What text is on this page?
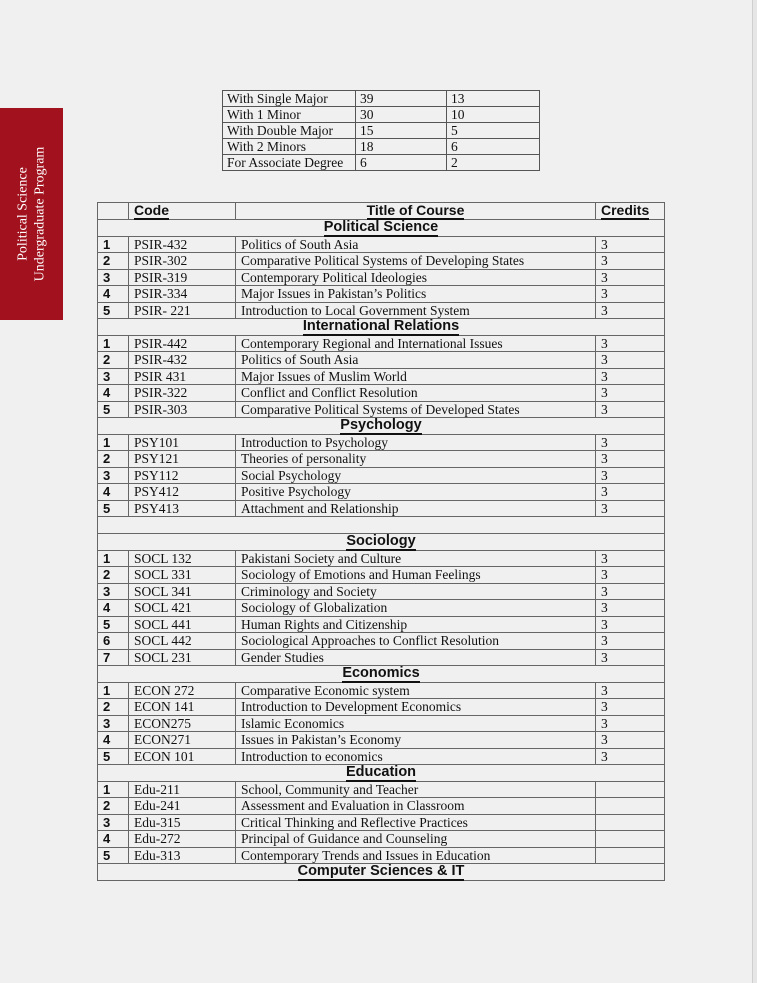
Political Science Undergraduate Program
With Single Major	39	13
With 1 Minor	30	10
With Double Major	15	5
With 2 Minors	18	6
For Associate Degree	6	2
	Code	Title of Course	Credits
Political Science			
1	PSIR-432	Politics of South Asia	3
2	PSIR-302	Comparative Political Systems of Developing States	3
3	PSIR-319	Contemporary Political Ideologies	3
4	PSIR-334	Major Issues in Pakistan’s Politics	3
5	PSIR- 221	Introduction to Local Government System	3
International Relations			
1	PSIR-442	Contemporary Regional and International Issues	3
2	PSIR-432	Politics of South Asia	3
3	PSIR 431	Major Issues of Muslim World	3
4	PSIR-322	Conflict and Conflict Resolution	3
5	PSIR-303	Comparative Political Systems of Developed States	3
Psychology			
1	PSY101	Introduction to Psychology	3
2	PSY121	Theories of personality	3
3	PSY112	Social Psychology	3
4	PSY412	Positive Psychology	3
5	PSY413	Attachment and Relationship	3

Sociology			
1	SOCL 132	Pakistani Society and Culture	3
2	SOCL 331	Sociology of Emotions and Human Feelings	3
3	SOCL 341	Criminology and Society	3
4	SOCL 421	Sociology of Globalization	3
5	SOCL 441	Human Rights and Citizenship	3
6	SOCL 442	Sociological Approaches to Conflict Resolution	3
7	SOCL 231	Gender Studies	3
Economics			
1	ECON 272	Comparative Economic system	3
2	ECON 141	Introduction to Development Economics	3
3	ECON275	Islamic Economics	3
4	ECON271	Issues in Pakistan’s Economy	3
5	ECON 101	Introduction to economics	3
Education			
1	Edu-211	School, Community and Teacher	
2	Edu-241	Assessment and Evaluation in Classroom	
3	Edu-315	Critical Thinking and Reflective Practices	
4	Edu-272	Principal of Guidance and Counseling	
5	Edu-313	Contemporary Trends and Issues in Education	
Computer Sciences & IT			
